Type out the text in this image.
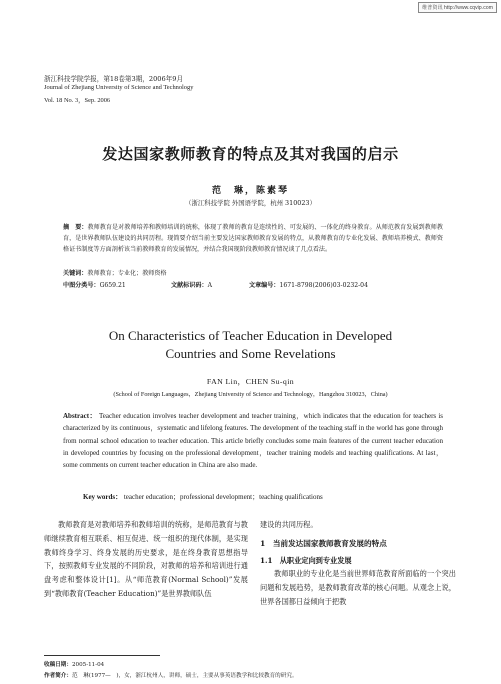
维普资讯 http://www.cqvip.com
浙江科技学院学报，第18卷第3期，2006年9月
Journal of Zhejiang University of Science and Technology
Vol. 18 No. 3，Sep. 2006
发达国家教师教育的特点及其对我国的启示
范　琳，陈素琴
（浙江科技学院 外国语学院，杭州 310023）
摘　要：教师教育是对教师培养和教师培训的统称，体现了教师的教育是连续性的、可发展的、一体化的终身教育。从师范教育发展到教师教育，是世界教师队伍建设的共同历程。现简要介绍当前主要发达国家教师教育发展的特点，从教师教育的专业化发展、教师培养模式、教师资格证书制度等方面剖析该当前教师教育的发展情况，并结合我国现阶段教师教育情况谈了几点看法。
关键词：教师教育；专业化；教师资格
中图分类号：G659.21	文献标识码：A	文章编号：1671-8798(2006)03-0232-04
On Characteristics of Teacher Education in Developed
Countries and Some Revelations
FAN Lin，CHEN Su-qin
(School of Foreign Languages，Zhejiang University of Science and Technology，Hangzhou 310023，China)
Abstract： Teacher education involves teacher development and teacher training，which indicates that the education for teachers is characterized by its continuous，systematic and lifelong features. The development of the teaching staff in the world has gone through from normal school education to teacher education. This article briefly concludes some main features of the current teacher education in developed countries by focusing on the professional development，teacher training models and teaching qualifications. At last，some comments on current teacher education in China are also made.
Key words： teacher education；professional development；teaching qualifications

教师教育是对教师培养和教师培训的统称，是师范教育与教师继续教育相互联系、相互促进、统一组织的现代体制，是实现教师终身学习、终身发展的历史要求，是在终身教育思想指导下，按照教师专业发展的不同阶段，对教师的培养和培训进行通盘考虑和整体设计[1]。从“师范教育(Normal School)”发展到“教师教育(Teacher Education)”是世界教师队伍

建设的共同历程。

1　当前发达国家教师教育发展的特点
1.1　从职业定向到专业发展

教师职业的专业化是当前世界师范教育所面临的一个突出问题和发展趋势，是教师教育改革的核心问题。从观念上说，世界各国都日益倾向于把教

收稿日期：2005-11-04
作者简介：范　琳(1977—　)，女，浙江杭州人，讲师，硕士，主要从事英语教学和比较教育的研究。
